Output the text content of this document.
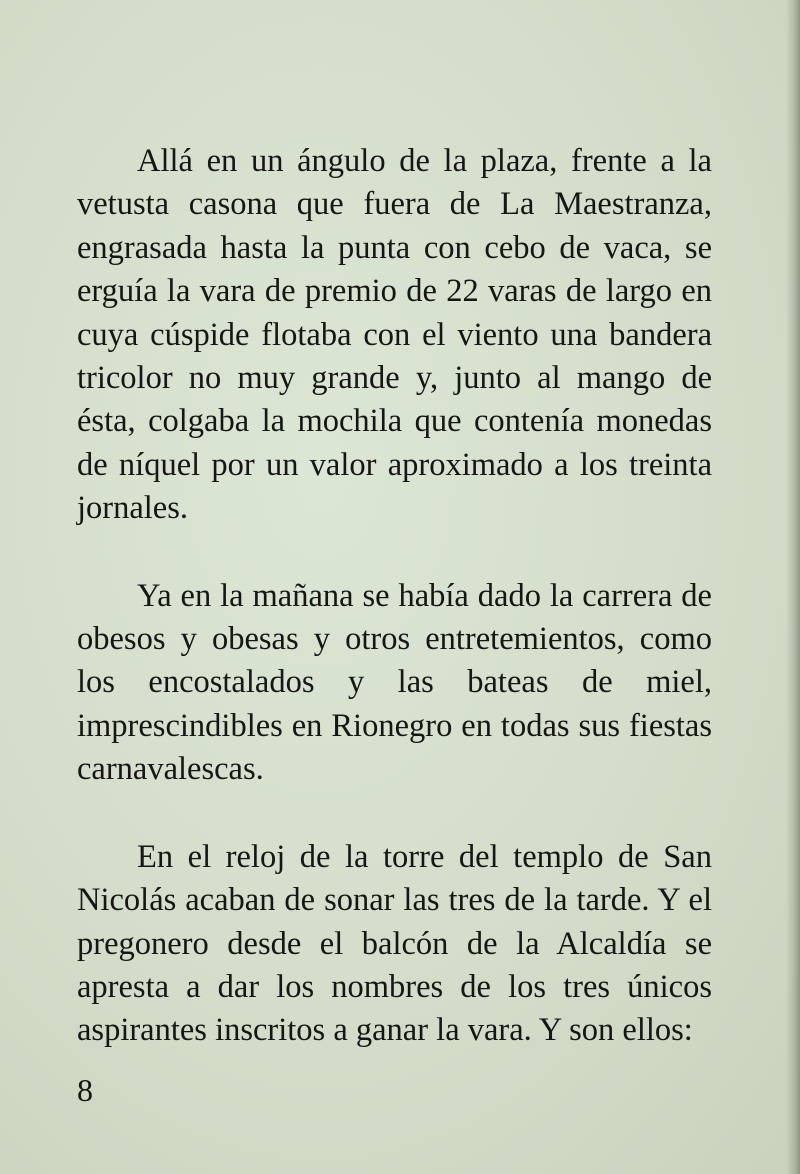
Allá en un ángulo de la plaza, frente a la vetusta casona que fuera de La Maestranza, engrasada hasta la punta con cebo de vaca, se erguía la vara de premio de 22 varas de largo en cuya cúspide flotaba con el viento una bandera tricolor no muy grande y, junto al mango de ésta, colgaba la mochila que contenía monedas de níquel por un valor aproximado a los treinta jornales.

Ya en la mañana se había dado la carrera de obesos y obesas y otros entretemientos, como los encostalados y las bateas de miel, imprescindibles en Rionegro en todas sus fiestas carnavalescas.

En el reloj de la torre del templo de San Nicolás acaban de sonar las tres de la tarde. Y el pregonero desde el balcón de la Alcaldía se apresta a dar los nombres de los tres únicos aspirantes inscritos a ganar la vara. Y son ellos:

8
